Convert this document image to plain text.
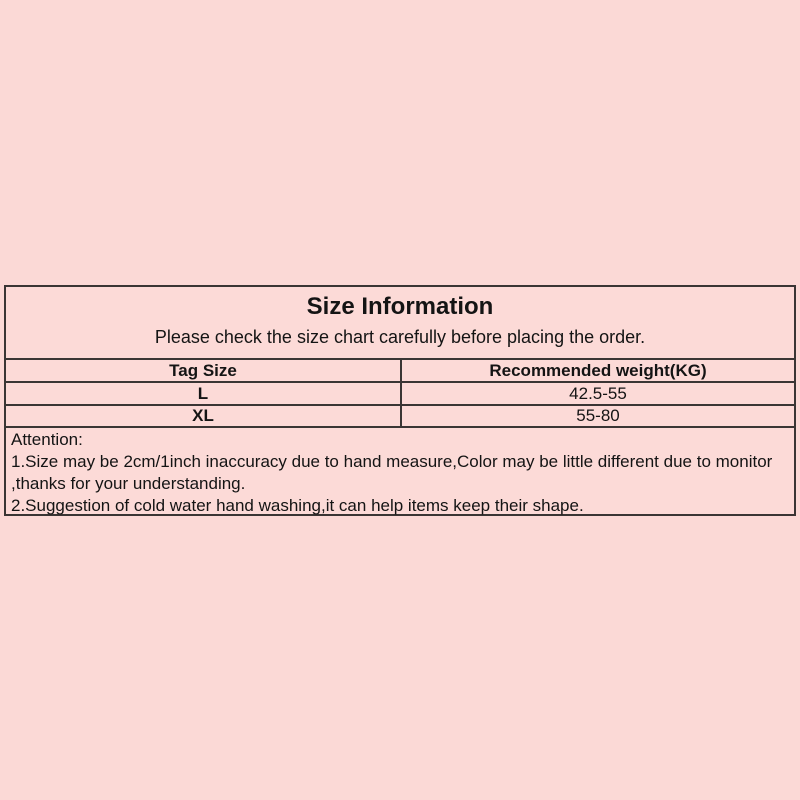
Size Information
Please check the size chart carefully before placing the order.
Tag Size	Recommended weight(KG)
L	42.5-55
XL	55-80
Attention:
1.Size may be 2cm/1inch inaccuracy due to hand measure,Color may be little different due to monitor
,thanks for your understanding.
2.Suggestion of cold water hand washing,it can help items keep their shape.
